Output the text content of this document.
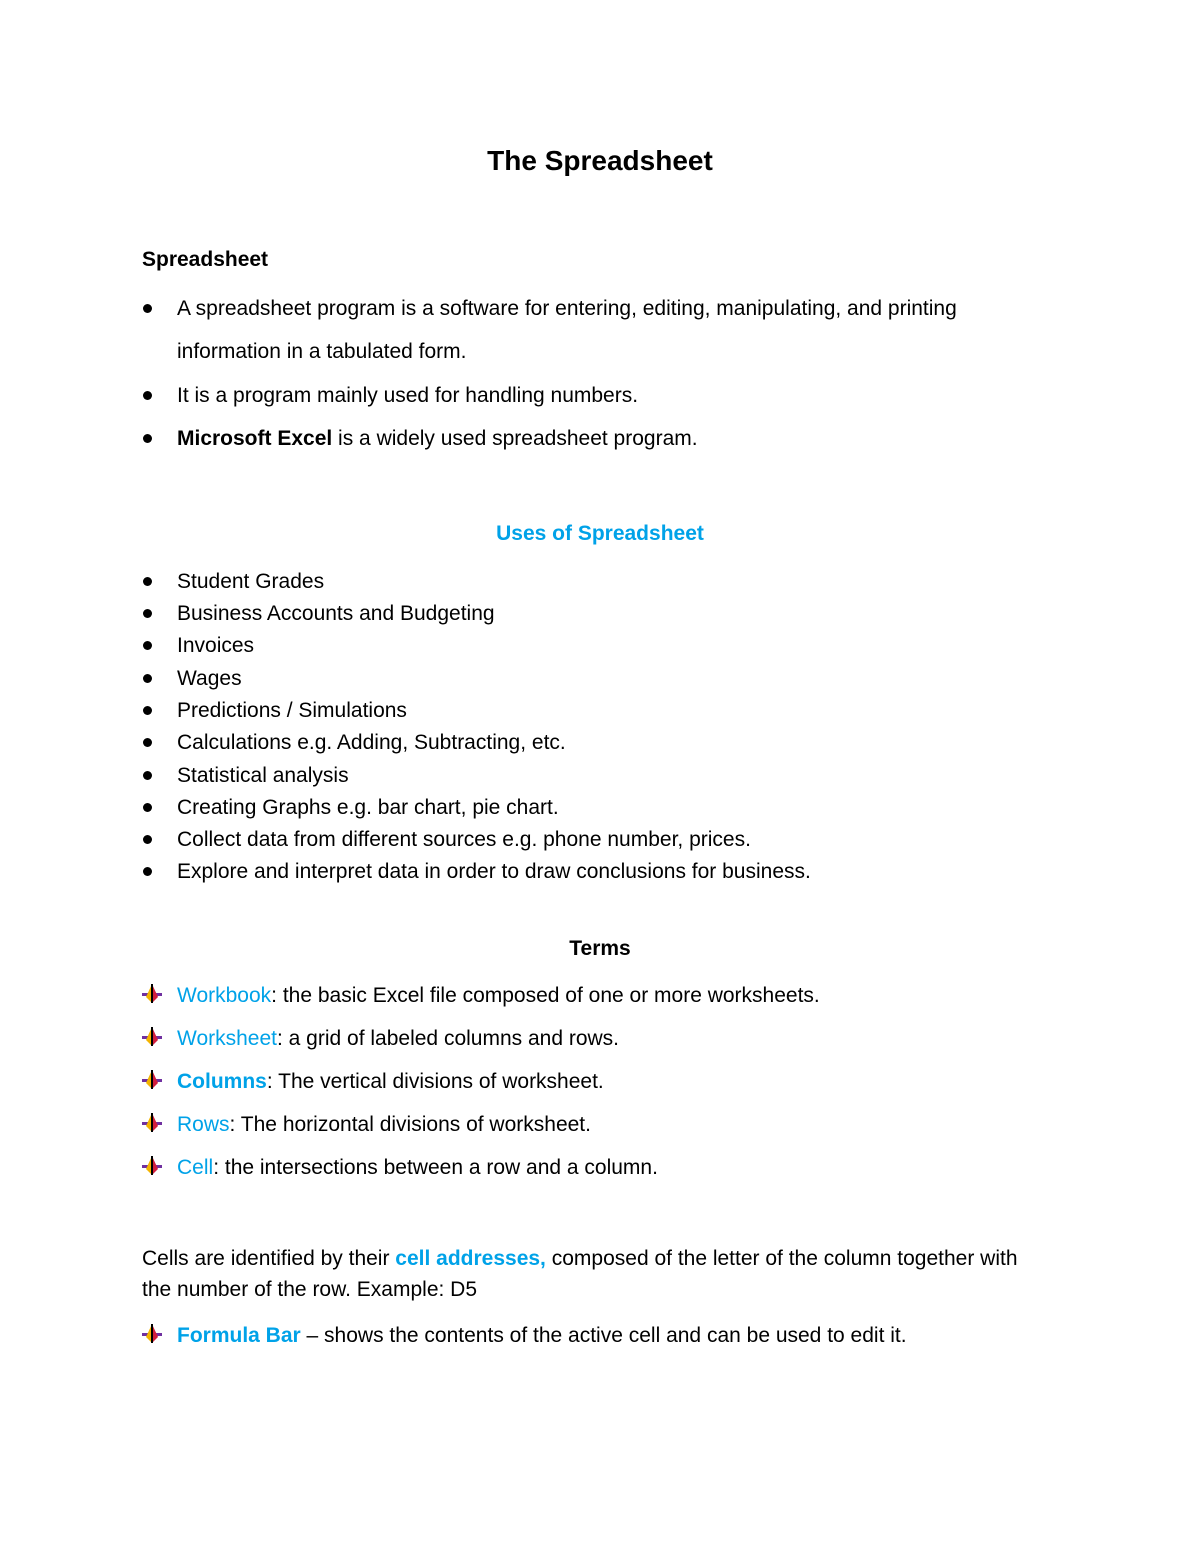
The Spreadsheet
Spreadsheet
A spreadsheet program is a software for entering, editing, manipulating, and printing
information in a tabulated form.
It is a program mainly used for handling numbers.
Microsoft Excel is a widely used spreadsheet program.
Uses of Spreadsheet
Student Grades
Business Accounts and Budgeting
Invoices
Wages
Predictions / Simulations
Calculations e.g. Adding, Subtracting, etc.
Statistical analysis
Creating Graphs e.g. bar chart, pie chart.
Collect data from different sources e.g. phone number, prices.
Explore and interpret data in order to draw conclusions for business.
Terms
Workbook: the basic Excel file composed of one or more worksheets.
Worksheet: a grid of labeled columns and rows.
Columns: The vertical divisions of worksheet.
Rows: The horizontal divisions of worksheet.
Cell: the intersections between a row and a column.
Cells are identified by their cell addresses, composed of the letter of the column together with
the number of the row. Example: D5
Formula Bar – shows the contents of the active cell and can be used to edit it.
